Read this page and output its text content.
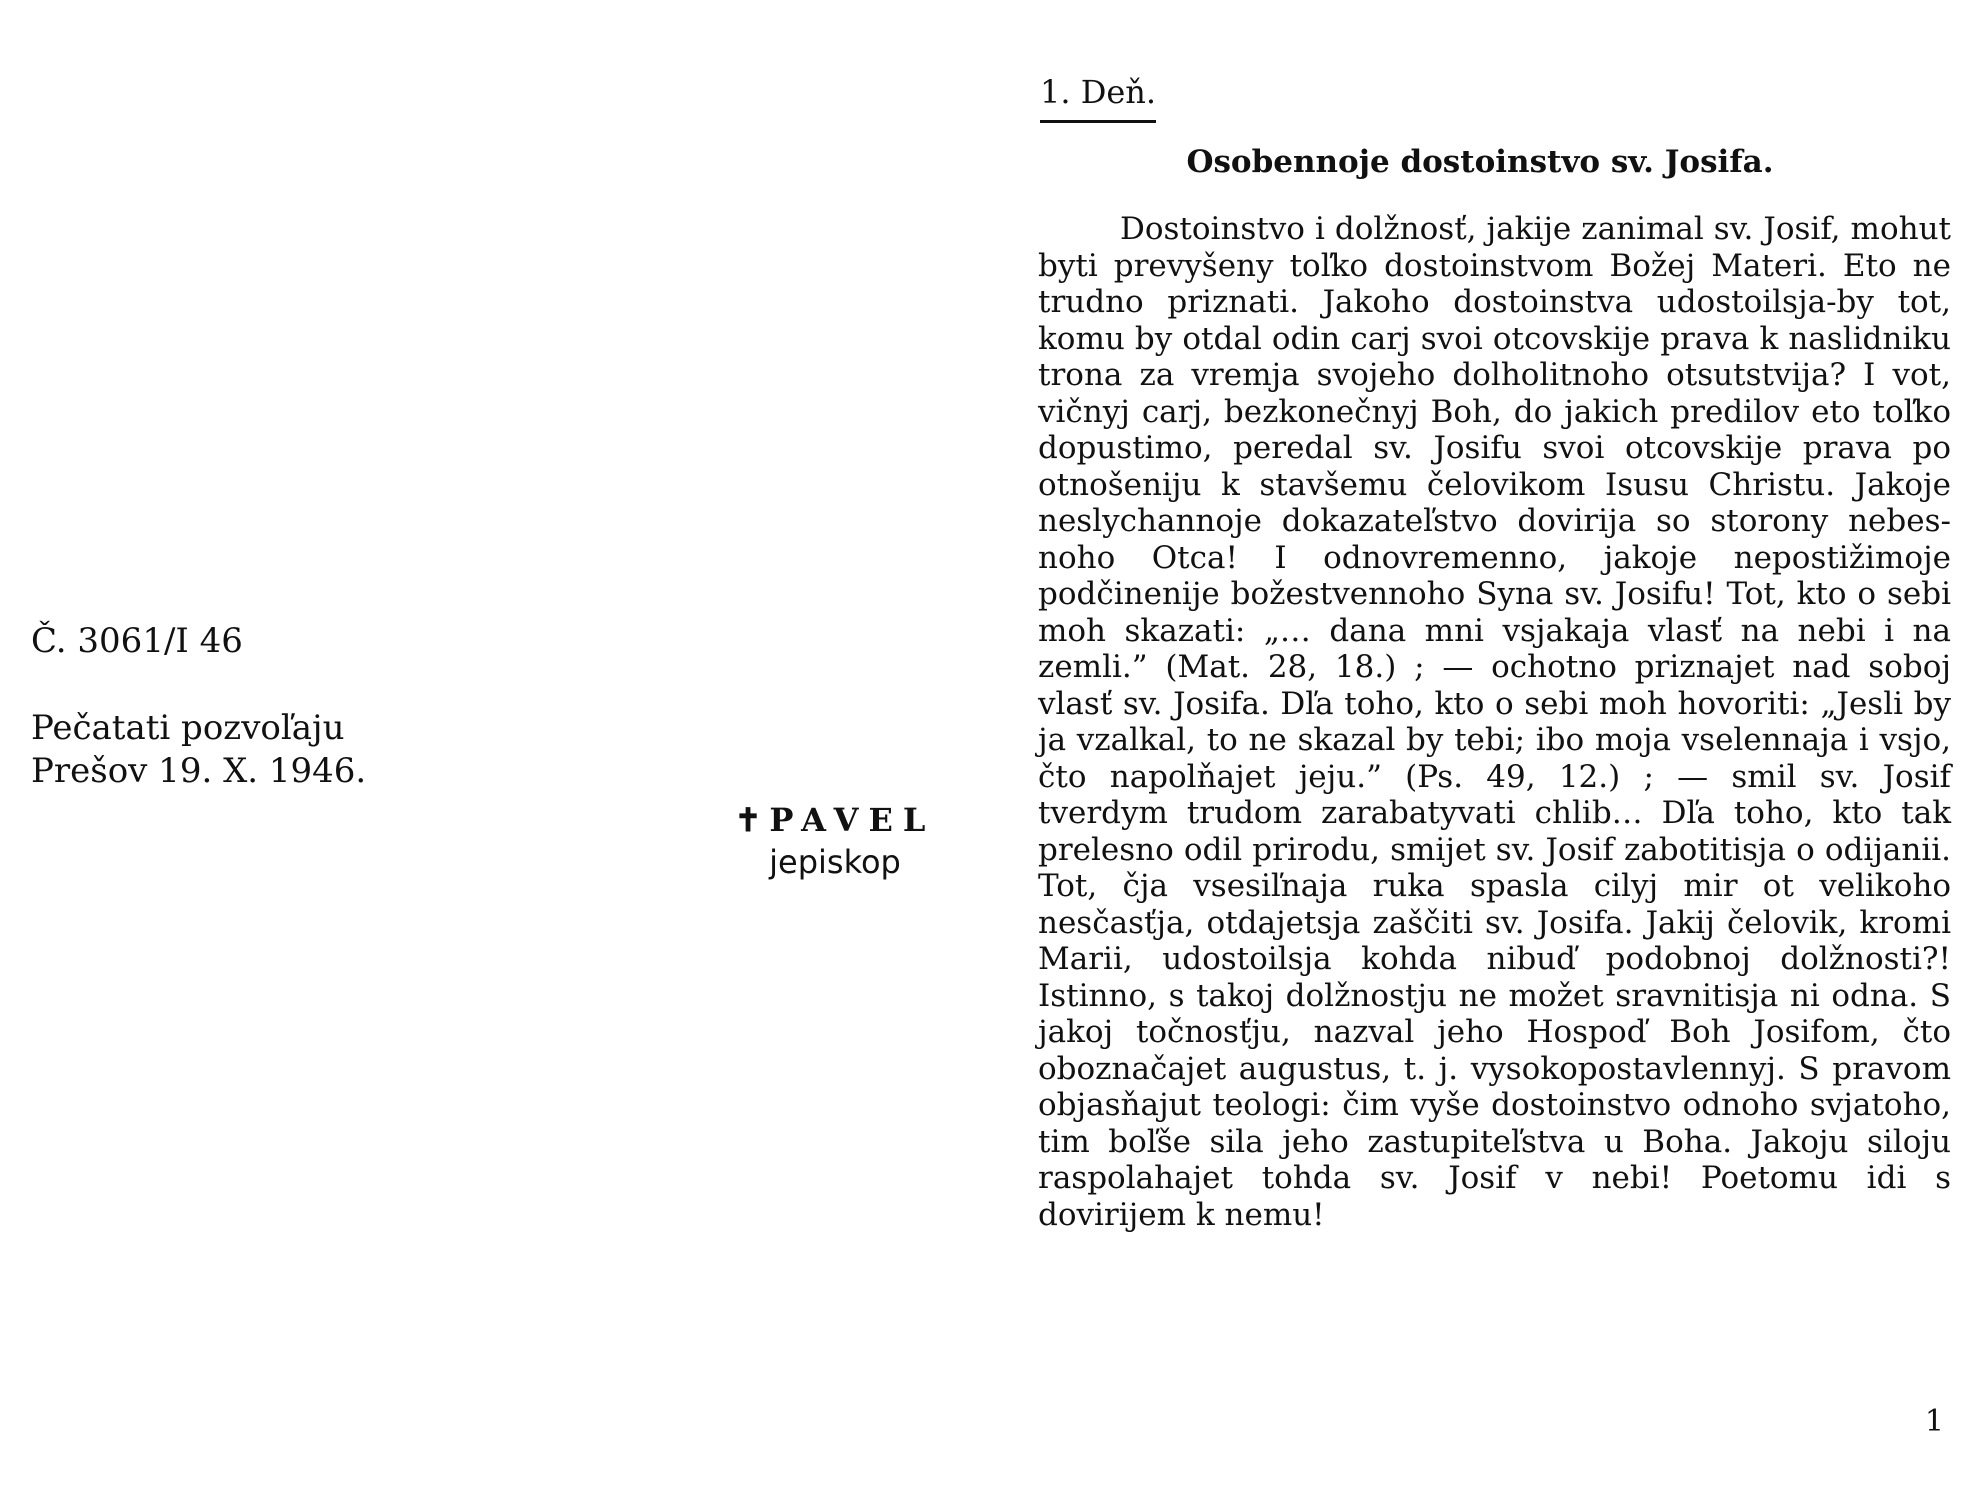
Č. 3061/I 46

Pečatati pozvoľaju

Prešov 19. X. 1946.

✝ PAVEL
jepiskop
1. Deň.
Osobennoje dostoinstvo sv. Josifa.

Dostoinstvo i dolžnosť, jakije zanimal sv. Josif, mohut byti prevyšeny toľko dostoinstvom Božej Materi. Eto ne trudno priznati. Jakoho dostoinstva udostoilsja-by tot, komu by otdal odin carj svoi otcovskije prava k naslidniku trona za vremja svojeho dolholitnoho otsutstvija? I vot, vičnyj carj, bezkonečnyj Boh, do jakich predilov eto toľko dopustimo, peredal sv. Josifu svoi otcovskije prava po otnošeniju k stavšemu čelovikom Isusu Christu. Jakoje neslychannoje dokazateľstvo dovirija so storony nebesnoho Otca! I odnovremenno, jakoje nepostižimoje podčinenije božestvennoho Syna sv. Josifu! Tot, kto o sebi moh skazati: „… dana mni vsjakaja vlasť na nebi i na zemli.” (Mat. 28, 18.) ; — ochotno priznajet nad soboj vlasť sv. Josifa. Dľa toho, kto o sebi moh hovoriti: „Jesli by ja vzalkal, to ne skazal by tebi; ibo moja vselennaja i vsjo, čto napolňajet jeju.” (Ps. 49, 12.) ; — smil sv. Josif tverdym trudom zarabatyvati chlib… Dľa toho, kto tak prelesno odil prirodu, smijet sv. Josif zabotitisja o odijanii. Tot, čja vsesiľnaja ruka spasla cilyj mir ot velikoho nesčasťja, otdajetsja zaščiti sv. Josifa. Jakij čelovik, kromi Marii, udostoilsja kohda nibuď podobnoj dolžnosti?! Istinno, s takoj dolžnostju ne možet sravnitisja ni odna. S jakoj točnosťju, nazval jeho Hospoď Boh Josifom, čto oboznačajet augustus, t. j. vysokopostavlennyj. S pravom objasňajut teologi: čim vyše dostoinstvo odnoho svjatoho, tim boľše sila jeho zastupiteľstva u Boha. Jakoju siloju raspolahajet tohda sv. Josif v nebi! Poetomu idi s dovirijem k nemu!

1
